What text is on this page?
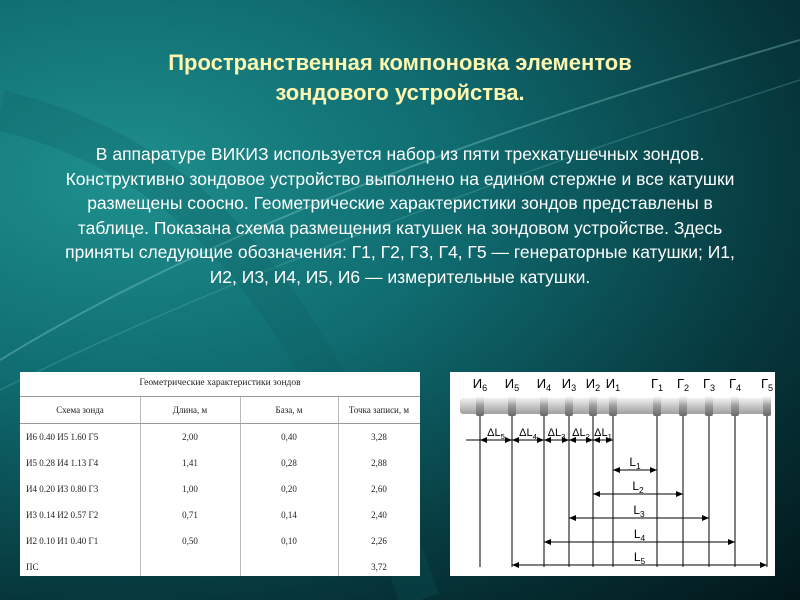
Пространственная компоновка элементов
зондового устройства.
В аппаратуре ВИКИЗ используется набор из пяти трехкатушечных зондов. Конструктивно зондовое устройство выполнено на едином стержне и все катушки размещены соосно. Геометрические характеристики зондов представлены в таблице. Показана схема размещения катушек на зондовом устройстве. Здесь приняты следующие обозначения: Г1, Г2, Г3, Г4, Г5 — генераторные катушки; И1, И2, И3, И4, И5, И6 — измерительные катушки.
Геометрические характеристики зондов
Схема зонда	Длина, м	База, м	Точка записи, м
И6 0.40 И5 1.60 Г5	2,00	0,40	3,28
И5 0.28 И4 1.13 Г4	1,41	0,28	2,88
И4 0.20 И3 0.80 Г3	1,00	0,20	2,60
И3 0.14 И2 0.57 Г2	0,71	0,14	2,40
И2 0.10 И1 0.40 Г1	0,50	0,10	2,26
ПС			3,72
$И_6$ $И_5$ $И_4$ $И_3$ $И_2$ $И_1$ $Г_1$ $Г_2$ $Г_3$ $Г_4$ $Г_5$
$\Delta L_5$ $\Delta L_4$ $\Delta L_3$ $\Delta L_2$ $\Delta L_1$
$L_1$
$L_2$
$L_3$
$L_4$
$L_5$
